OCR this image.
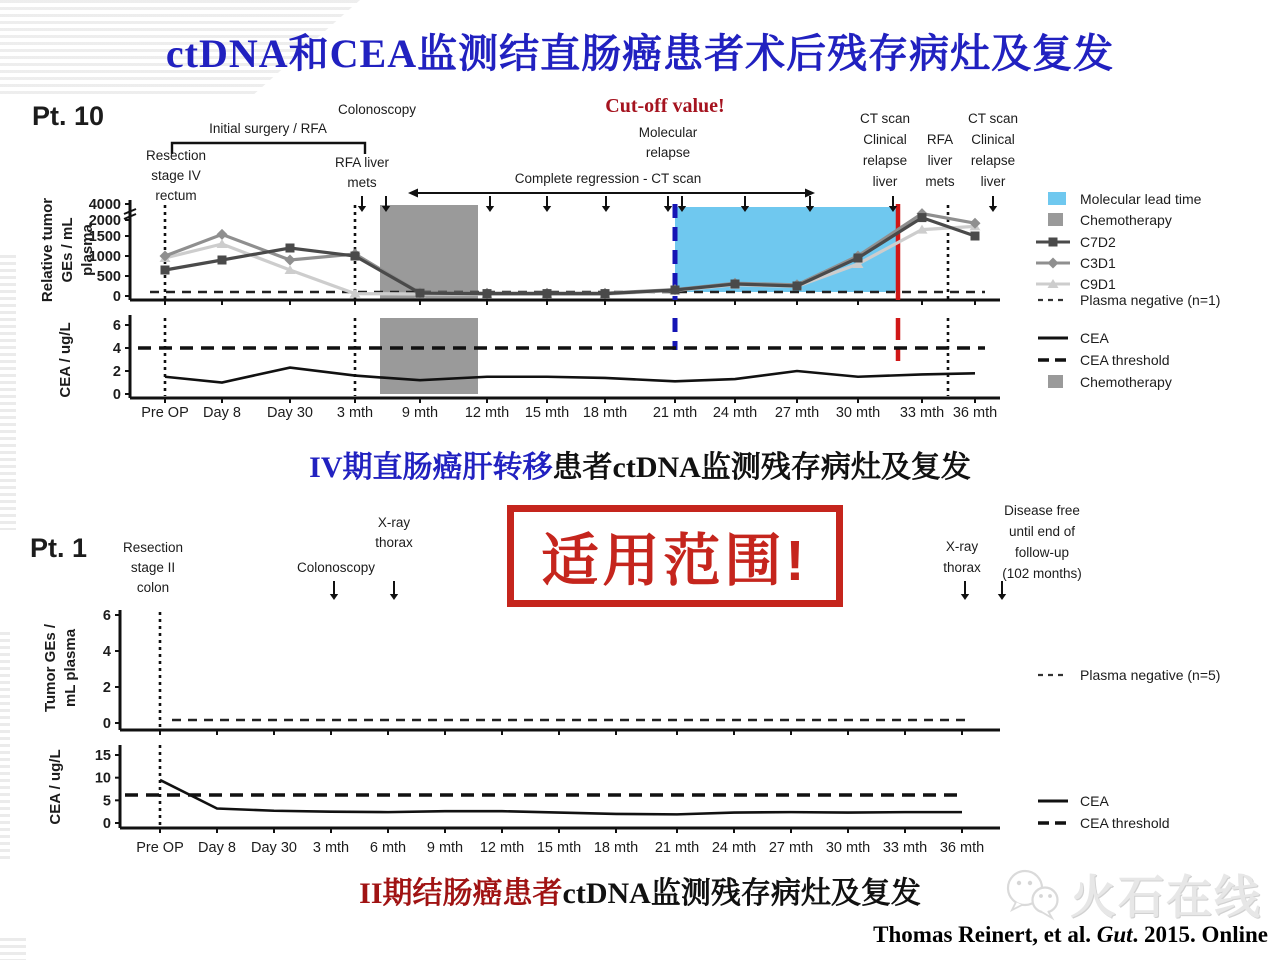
ctDNA和CEA监测结直肠癌患者术后残存病灶及复发
Pt. 10
0
500
1000
1500
2000
4000
0
2
4
6
Pre OP Day 8 Day 30 3 mth 9 mth 12 mth 15 mth 18 mth 21 mth 24 mth 27 mth 30 mth 33 mth 36 mth
Relative tumor GEs / mL plasma
CEA / ug/L
Colonoscopy
Initial surgery / RFA
Resection
stage IV
rectum
RFA liver
mets	Complete regression - CT scan
Cut-off value!
Molecular
relapse
CT scan
Clinical
relapse
liver
RFA
liver
mets
CT scan
Clinical
relapse
liver
Molecular lead time
Chemotherapy
C7D2
C3D1
C9D1
Plasma negative (n=1)
CEA
CEA threshold
Chemotherapy
Pt. 1
0
2
4
6
0
5
10
15
Pre OP Day 8 Day 30 3 mth 6 mth 9 mth 12 mth 15 mth 18 mth 21 mth 24 mth 27 mth 30 mth 33 mth 36 mth
Tumor GEs / mL plasma
CEA / ug/L
Resection
stage II
colon
Colonoscopy
X-ray
thorax	X-ray
thorax
Disease free
until end of
follow-up
(102 months)
Plasma negative (n=5)
CEA
CEA threshold
IV期直肠癌肝转移患者ctDNA监测残存病灶及复发
适用范围!
II期结肠癌患者ctDNA监测残存病灶及复发	火石在线
Thomas Reinert, et al. Gut. 2015. Online
